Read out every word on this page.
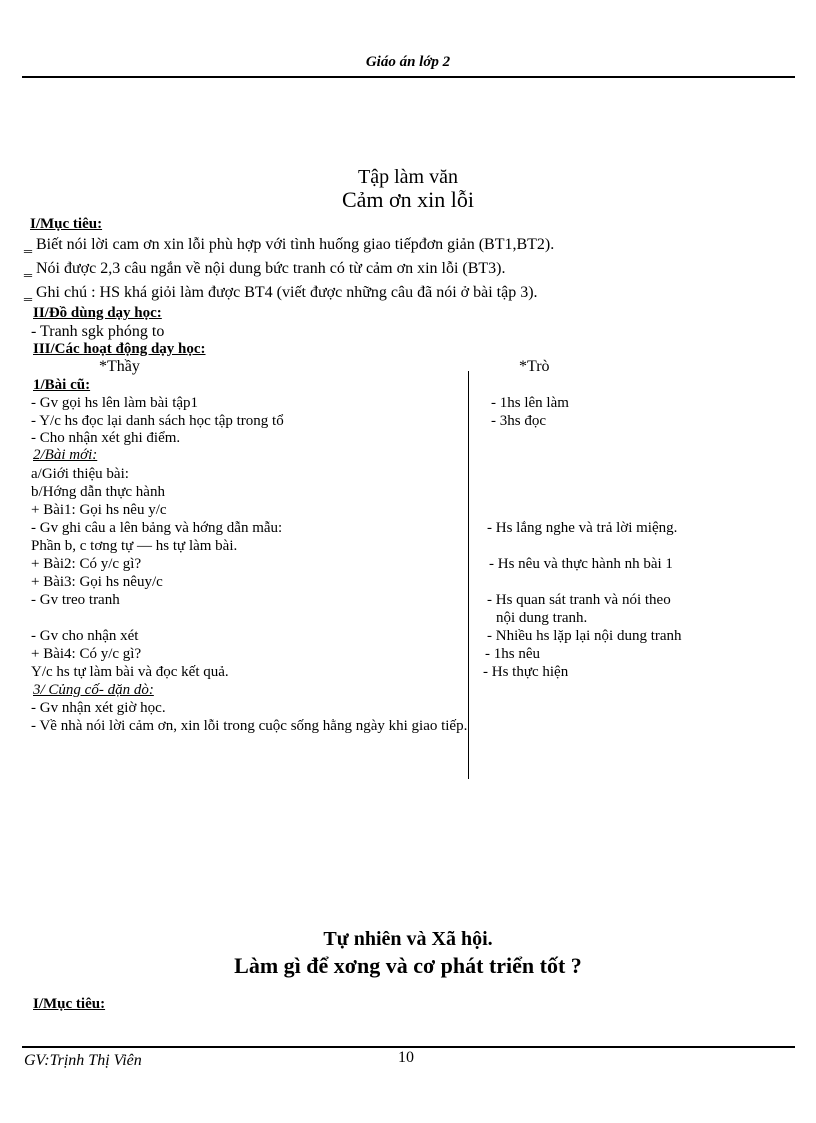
Giáo án lớp 2
Tập làm văn
Cảm ơn xin lỗi
I/Mục tiêu:
‗ Biết nói lời cam ơn xin lỗi phù hợp với tình huống giao tiếpđơn giản (BT1,BT2).
‗ Nói được 2,3 câu ngắn về nội dung bức tranh có từ cảm ơn xin lỗi (BT3).
‗ Ghi chú : HS khá giỏi làm được BT4 (viết được những câu đã nói ở bài tập 3).
II/Đồ dùng dạy học:
- Tranh sgk phóng to
III/Các hoạt động dạy học:
*Thầy	*Trò
1/Bài cũ:
- Gv gọi hs lên làm bài tập1
- Y/c hs đọc lại danh sách học tập trong tổ
- Cho nhận xét ghi điểm.
2/Bài mới:
a/Giới thiệu bài:
b/Hớng dẫn thực hành
+ Bài1: Gọi hs nêu y/c
- Gv ghi câu a lên bảng và hớng dẫn mẫu:
Phần b, c tơng tự — hs tự làm bài.
+ Bài2: Có y/c gì?
+ Bài3: Gọi hs nêuy/c
- Gv treo tranh
- Gv cho nhận xét
+ Bài4: Có y/c gì?
Y/c hs tự làm bài và đọc kết quả.
3/ Củng cố- dặn dò:
- Gv nhận xét giờ học.
- Về nhà nói lời cảm ơn, xin lỗi trong cuộc sống hằng ngày khi giao tiếp.
- 1hs lên làm
- 3hs đọc
- Hs lắng nghe và trả lời miệng.
- Hs nêu và thực hành nh bài 1
- Hs quan sát tranh và nói theo
nội dung tranh.
- Nhiều hs lặp lại nội dung tranh
- 1hs nêu
- Hs thực hiện
Tự nhiên và Xã hội.
Làm gì để xơng và cơ phát triển tốt ?
I/Mục tiêu:
GV:Trịnh Thị Viên	10
